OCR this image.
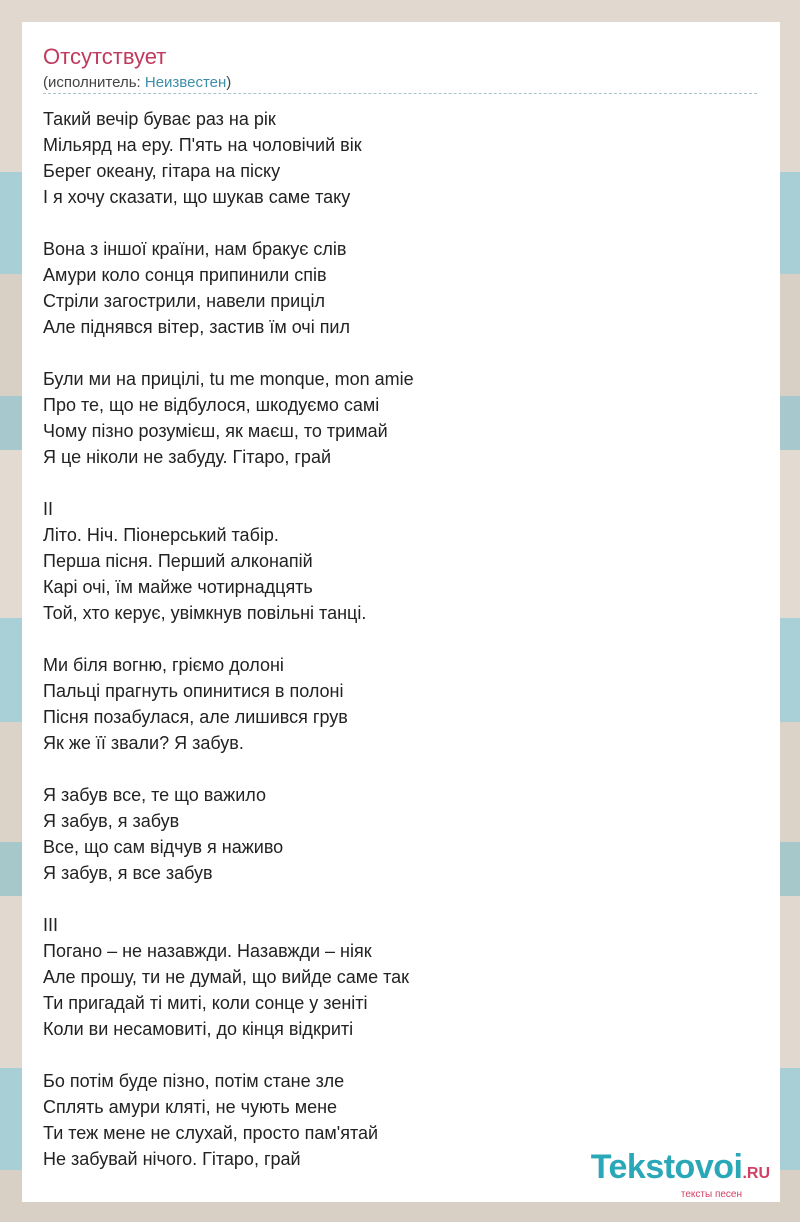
Отсутствует
(исполнитель: Неизвестен)
Такий вечір буває раз на рік
Мільярд на еру. П'ять на чоловічий вік
Берег океану, гітара на піску
І я хочу сказати, що шукав саме таку
Вона з іншої країни, нам бракує слів
Амури коло сонця припинили спів
Стріли загострили, навели приціл
Але піднявся вітер, застив їм очі пил
Були ми на прицілі, tu me monque, mon amie
Про те, що не відбулося, шкодуємо самі
Чому пізно розумієш, як маєш, то тримай
Я це ніколи не забуду. Гітаро, грай
II
Літо. Ніч. Піонерський табір.
Перша пісня. Перший алконапій
Карі очі, їм майже чотирнадцять
Той, хто керує, увімкнув повільні танці.
Ми біля вогню, гріємо долоні
Пальці прагнуть опинитися в полоні
Пісня позабулася, але лишився грув
Як же її звали? Я забув.
Я забув все, те що важило
Я забув, я забув
Все, що сам відчув я наживо
Я забув, я все забув
III
Погано – не назавжди. Назавжди – ніяк
Але прошу, ти не думай, що вийде саме так
Ти пригадай ті миті, коли сонце у зеніті
Коли ви несамовиті, до кінця відкриті
Бо потім буде пізно, потім стане зле
Сплять амури кляті, не чують мене
Ти теж мене не слухай, просто пам'ятай
Не забувай нічого. Гітаро, грай	Tekstovoi.RU
тексты песен
